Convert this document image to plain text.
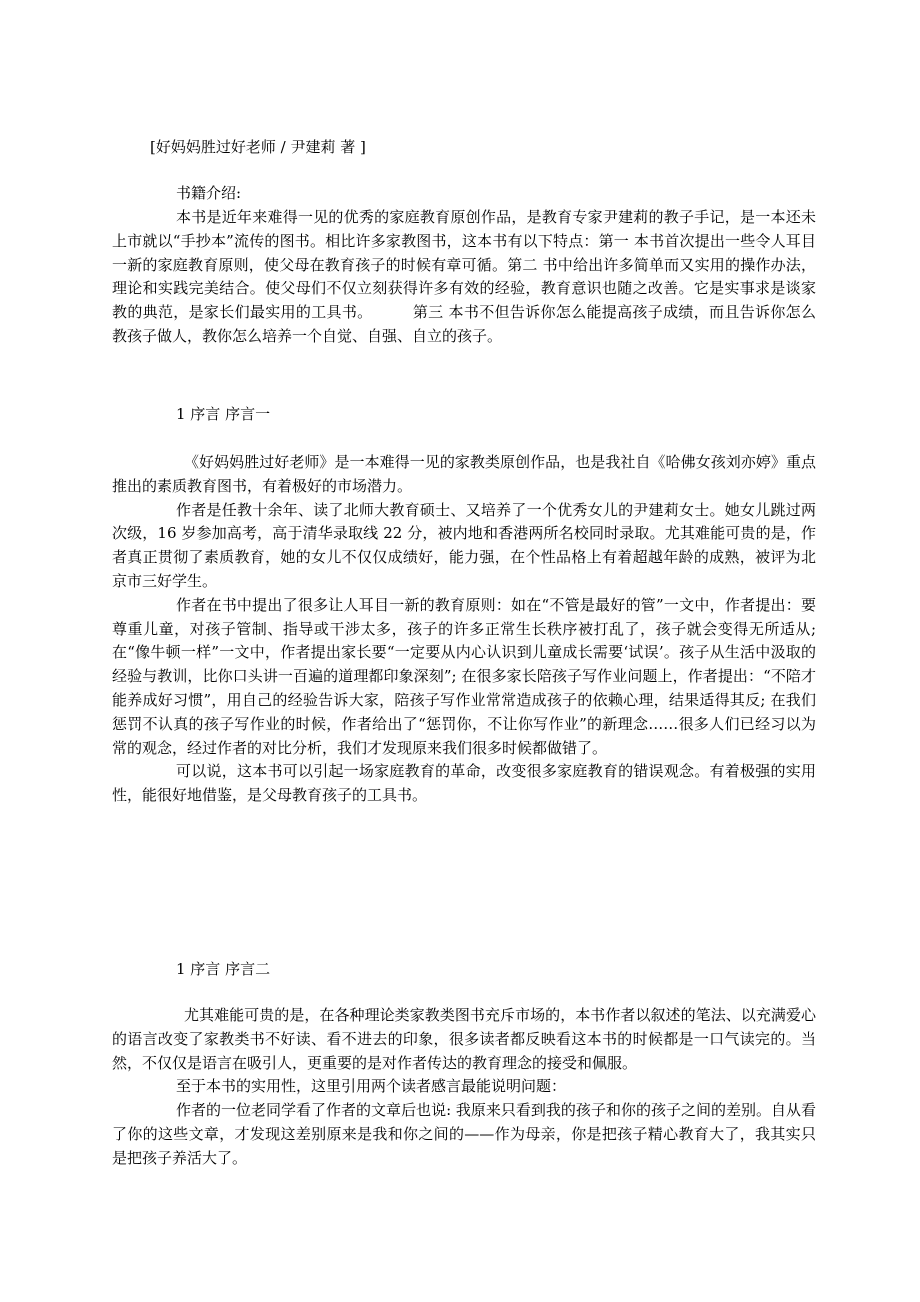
[好妈妈胜过好老师 / 尹建莉 著 ]
书籍介绍:

本书是近年来难得一见的优秀的家庭教育原创作品，是教育专家尹建莉的教子手记，是一本还未上市就以“手抄本”流传的图书。相比许多家教图书，这本书有以下特点：第一 本书首次提出一些令人耳目一新的家庭教育原则，使父母在教育孩子的时候有章可循。第二 书中给出许多简单而又实用的操作办法，理论和实践完美结合。使父母们不仅立刻获得许多有效的经验，教育意识也随之改善。它是实事求是谈家教的典范，是家长们最实用的工具书。	第三 本书不但告诉你怎么能提高孩子成绩，而且告诉你怎么教孩子做人，教你怎么培养一个自觉、自强、自立的孩子。

1 序言 序言一

《好妈妈胜过好老师》是一本难得一见的家教类原创作品，也是我社自《哈佛女孩刘亦婷》重点推出的素质教育图书，有着极好的市场潜力。

作者是任教十余年、读了北师大教育硕士、又培养了一个优秀女儿的尹建莉女士。她女儿跳过两次级，16 岁参加高考，高于清华录取线 22 分，被内地和香港两所名校同时录取。尤其难能可贵的是，作者真正贯彻了素质教育，她的女儿不仅仅成绩好，能力强，在个性品格上有着超越年龄的成熟，被评为北京市三好学生。

作者在书中提出了很多让人耳目一新的教育原则：如在“不管是最好的管”一文中，作者提出：要尊重儿童，对孩子管制、指导或干涉太多，孩子的许多正常生长秩序被打乱了，孩子就会变得无所适从; 在“像牛顿一样”一文中，作者提出家长要“一定要从内心认识到儿童成长需要‘试误’。孩子从生活中汲取的经验与教训，比你口头讲一百遍的道理都印象深刻”; 在很多家长陪孩子写作业问题上，作者提出：“不陪才能养成好习惯”，用自己的经验告诉大家，陪孩子写作业常常造成孩子的依赖心理，结果适得其反; 在我们惩罚不认真的孩子写作业的时候，作者给出了“惩罚你，不让你写作业”的新理念……很多人们已经习以为常的观念，经过作者的对比分析，我们才发现原来我们很多时候都做错了。

可以说，这本书可以引起一场家庭教育的革命，改变很多家庭教育的错误观念。有着极强的实用性，能很好地借鉴，是父母教育孩子的工具书。

1 序言 序言二

尤其难能可贵的是，在各种理论类家教类图书充斥市场的，本书作者以叙述的笔法、以充满爱心的语言改变了家教类书不好读、看不进去的印象，很多读者都反映看这本书的时候都是一口气读完的。当然，不仅仅是语言在吸引人，更重要的是对作者传达的教育理念的接受和佩服。

至于本书的实用性，这里引用两个读者感言最能说明问题：

作者的一位老同学看了作者的文章后也说: 我原来只看到我的孩子和你的孩子之间的差别。自从看了你的这些文章，才发现这差别原来是我和你之间的——作为母亲，你是把孩子精心教育大了，我其实只是把孩子养活大了。
